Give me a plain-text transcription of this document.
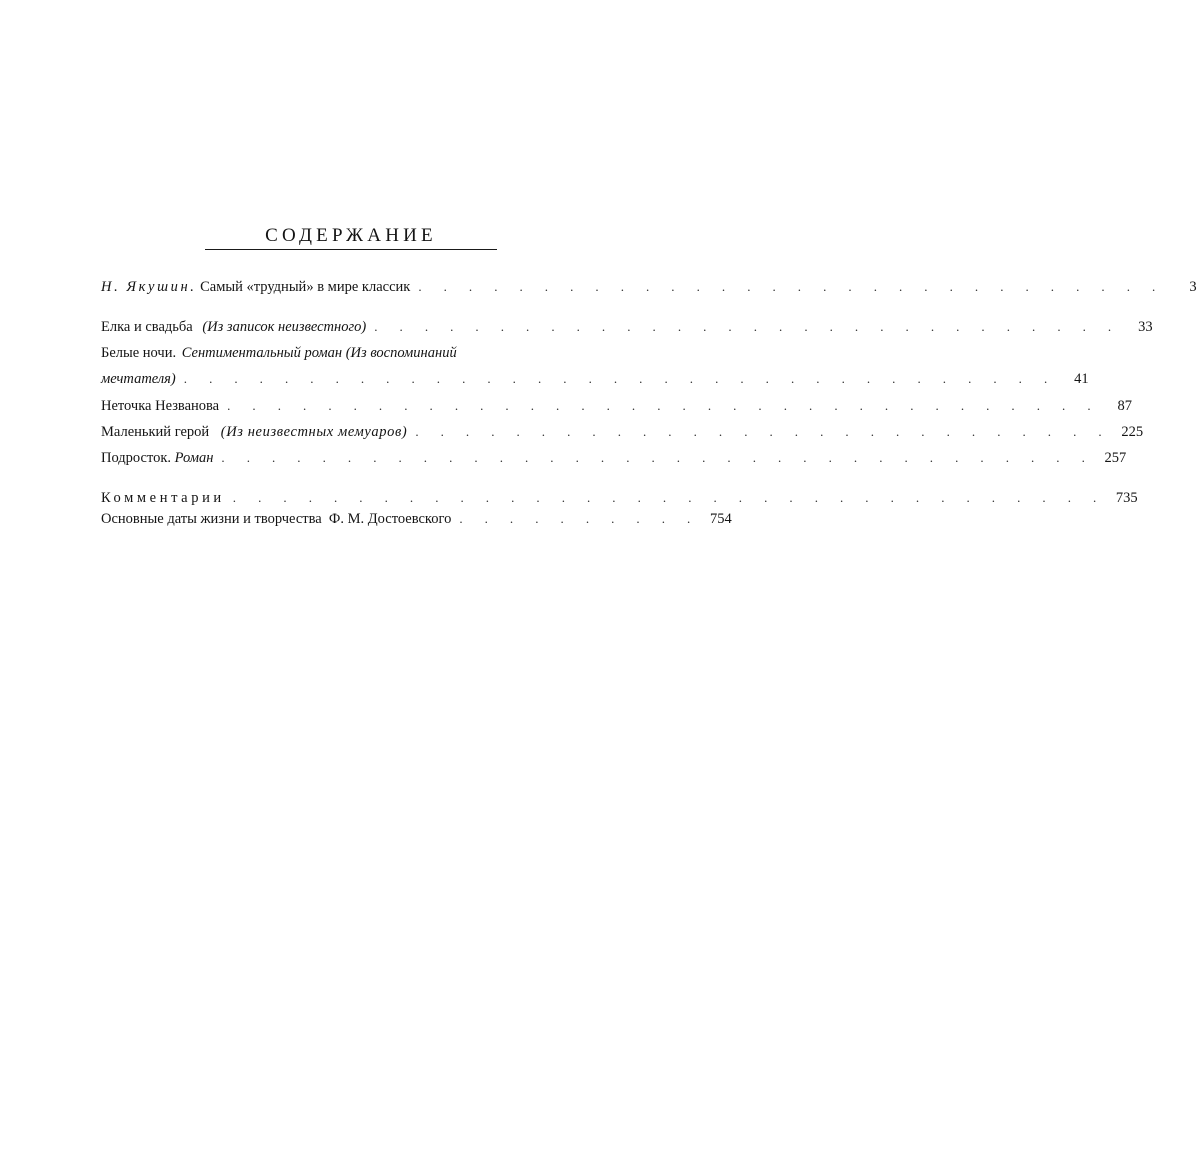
СОДЕРЖАНИЕ
Н. Якушин. Самый «трудный» в мире классик . . . . . . . . . . . . . . . . . . . . . . . . . . . . . .	3
Елка и свадьба (Из записок неизвестного) . . . . . . . . . . . . . . . . . . . . . . . . . . . . . .	33
Белые ночи. Сентиментальный роман (Из воспоминаний
мечтателя) . . . . . . . . . . . . . . . . . . . . . . . . . . . . . . . . . . .	41
Неточка Незванова . . . . . . . . . . . . . . . . . . . . . . . . . . . . . . . . . . .	87
Маленький герой (Из неизвестных мемуаров) . . . . . . . . . . . . . . . . . . . . . . . . . . . . 225
Подросток. Роман . . . . . . . . . . . . . . . . . . . . . . . . . . . . . . . . . . . 257
Комментарии . . . . . . . . . . . . . . . . . . . . . . . . . . . . . . . . . . . 735
Основные даты жизни и творчества  Ф. М. Достоевского . . . . . . . . . . 754
